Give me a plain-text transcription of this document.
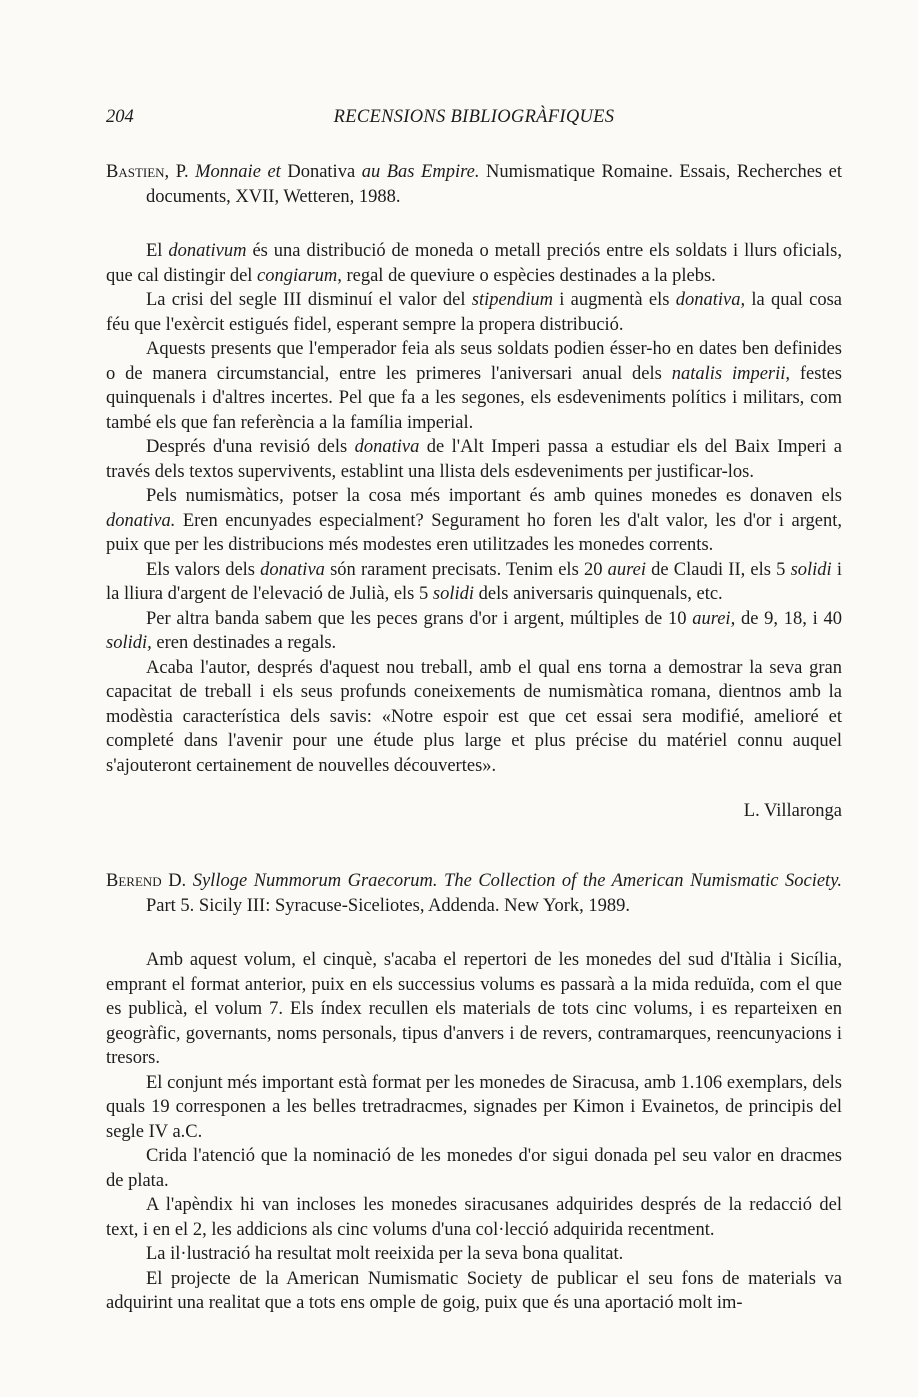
204	RECENSIONS BIBLIOGRÀFIQUES

Bastien, P. Monnaie et Donativa au Bas Empire. Numismatique Romaine. Essais, Recherches et documents, XVII, Wetteren, 1988.

El donativum és una distribució de moneda o metall preciós entre els soldats i llurs oficials, que cal distingir del congiarum, regal de queviure o espècies destinades a la plebs.

La crisi del segle III disminuí el valor del stipendium i augmentà els donativa, la qual cosa féu que l'exèrcit estigués fidel, esperant sempre la propera distribució.

Aquests presents que l'emperador feia als seus soldats podien ésser-ho en dates ben definides o de manera circumstancial, entre les primeres l'aniversari anual dels natalis imperii, festes quinquenals i d'altres incertes. Pel que fa a les segones, els esdeveniments polítics i militars, com també els que fan referència a la família imperial.

Després d'una revisió dels donativa de l'Alt Imperi passa a estudiar els del Baix Imperi a través dels textos supervivents, establint una llista dels esdeveniments per justificar-los.

Pels numismàtics, potser la cosa més important és amb quines monedes es donaven els donativa. Eren encunyades especialment? Segurament ho foren les d'alt valor, les d'or i argent, puix que per les distribucions més modestes eren utilitzades les monedes corrents.

Els valors dels donativa són rarament precisats. Tenim els 20 aurei de Claudi II, els 5 solidi i la lliura d'argent de l'elevació de Julià, els 5 solidi dels aniversaris quinquenals, etc.

Per altra banda sabem que les peces grans d'or i argent, múltiples de 10 aurei, de 9, 18, i 40 solidi, eren destinades a regals.

Acaba l'autor, després d'aquest nou treball, amb el qual ens torna a demostrar la seva gran capacitat de treball i els seus profunds coneixements de numismàtica romana, dientnos amb la modèstia característica dels savis: «Notre espoir est que cet essai sera modifié, amelioré et completé dans l'avenir pour une étude plus large et plus précise du matériel connu auquel s'ajouteront certainement de nouvelles découvertes».

L. Villaronga

Berend D. Sylloge Nummorum Graecorum. The Collection of the American Numismatic Society. Part 5. Sicily III: Syracuse-Siceliotes, Addenda. New York, 1989.

Amb aquest volum, el cinquè, s'acaba el repertori de les monedes del sud d'Itàlia i Sicília, emprant el format anterior, puix en els successius volums es passarà a la mida reduïda, com el que es publicà, el volum 7. Els índex recullen els materials de tots cinc volums, i es reparteixen en geogràfic, governants, noms personals, tipus d'anvers i de revers, contramarques, reencunyacions i tresors.

El conjunt més important està format per les monedes de Siracusa, amb 1.106 exemplars, dels quals 19 corresponen a les belles tretradracmes, signades per Kimon i Evainetos, de principis del segle IV a.C.

Crida l'atenció que la nominació de les monedes d'or sigui donada pel seu valor en dracmes de plata.

A l'apèndix hi van incloses les monedes siracusanes adquirides després de la redacció del text, i en el 2, les addicions als cinc volums d'una col·lecció adquirida recentment.

La il·lustració ha resultat molt reeixida per la seva bona qualitat.

El projecte de la American Numismatic Society de publicar el seu fons de materials va adquirint una realitat que a tots ens omple de goig, puix que és una aportació molt im-
